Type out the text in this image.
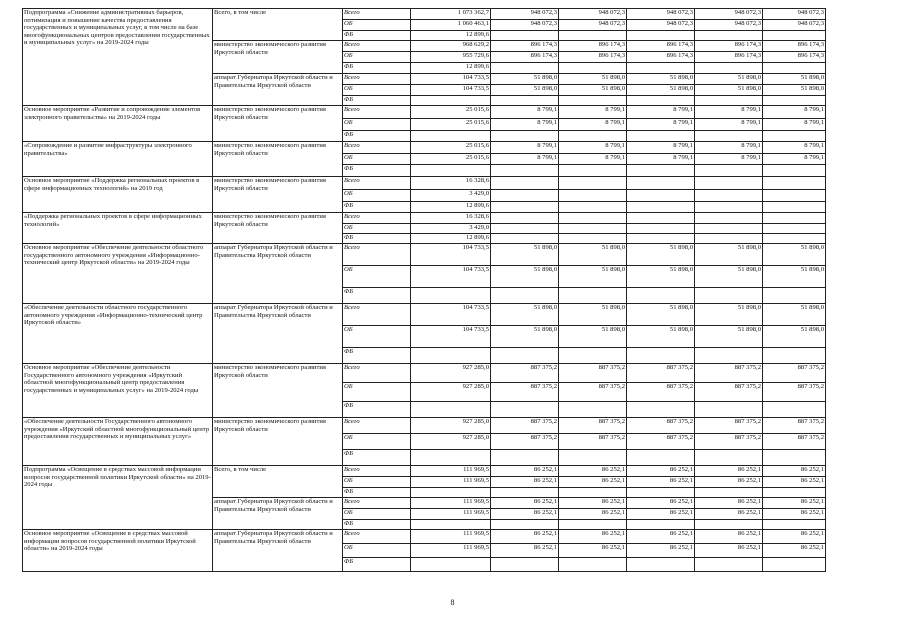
Подпрограмма «Снижение административных барьеров, оптимизация и повышение качества предоставления государственных и муниципальных услуг, в том числе на базе многофункциональных центров предоставления государственных и муниципальных услуг» на 2019-2024 годы	Всего, в том числе	Всего	1 073 362,7	948 072,3	948 072,3	948 072,3	948 072,3	948 072,3
		ОБ	1 060 463,1	948 072,3	948 072,3	948 072,3	948 072,3	948 072,3
		ФБ	12 899,6					
	министерство экономического развития Иркутской области	Всего	968 629,2	896 174,3	896 174,3	896 174,3	896 174,3	896 174,3
		ОБ	955 729,6	896 174,3	896 174,3	896 174,3	896 174,3	896 174,3
		ФБ	12 899,6					
	аппарат Губернатора Иркутской области и Правительства Иркутской области	Всего	104 733,5	51 898,0	51 898,0	51 898,0	51 898,0	51 898,0
		ОБ	104 733,5	51 898,0	51 898,0	51 898,0	51 898,0	51 898,0
		ФБ						
Основное мероприятие «Развитие и сопровождение элементов электронного правительства» на 2019-2024 годы	министерство экономического развития Иркутской области	Всего	25 015,6	8 799,1	8 799,1	8 799,1	8 799,1	8 799,1
		ОБ	25 015,6	8 799,1	8 799,1	8 799,1	8 799,1	8 799,1
		ФБ						
«Сопровождение и развитие инфраструктуры электронного правительства»	министерство экономического развития Иркутской области	Всего	25 015,6	8 799,1	8 799,1	8 799,1	8 799,1	8 799,1
		ОБ	25 015,6	8 799,1	8 799,1	8 799,1	8 799,1	8 799,1
		ФБ						
Основное мероприятие «Поддержка региональных проектов в сфере информационных технологий» на 2019 год	министерство экономического развития Иркутской области	Всего	16 328,6					
		ОБ	3 429,0					
		ФБ	12 899,6					
«Поддержка региональных проектов в сфере информационных технологий»	министерство экономического развития Иркутской области	Всего	16 328,6					
		ОБ	3 429,0					
		ФБ	12 899,6					
Основное мероприятие «Обеспечение деятельности областного государственного автономного учреждения «Информационно-технический центр Иркутской области» на 2019-2024 годы	аппарат Губернатора Иркутской области и Правительства Иркутской области	Всего	104 733,5	51 898,0	51 898,0	51 898,0	51 898,0	51 898,0
		ОБ	104 733,5	51 898,0	51 898,0	51 898,0	51 898,0	51 898,0
		ФБ						
«Обеспечение деятельности областного государственного автономного учреждения «Информационно-технический центр Иркутской области»	аппарат Губернатора Иркутской области и Правительства Иркутской области	Всего	104 733,5	51 898,0	51 898,0	51 898,0	51 898,0	51 898,0
		ОБ	104 733,5	51 898,0	51 898,0	51 898,0	51 898,0	51 898,0
		ФБ						
Основное мероприятие «Обеспечение деятельности Государственного автономного учреждения «Иркутский областной многофункциональный центр предоставления государственных и муниципальных услуг» на 2019-2024 годы	министерство экономического развития Иркутской области	Всего	927 285,0	887 375,2	887 375,2	887 375,2	887 375,2	887 375,2
		ОБ	927 285,0	887 375,2	887 375,2	887 375,2	887 375,2	887 375,2
		ФБ						
«Обеспечение деятельности Государственного автономного учреждения «Иркутский областной многофункциональный центр предоставления государственных и муниципальных услуг»	министерство экономического развития Иркутской области	Всего	927 285,0	887 375,2	887 375,2	887 375,2	887 375,2	887 375,2
		ОБ	927 285,0	887 375,2	887 375,2	887 375,2	887 375,2	887 375,2
		ФБ						
Подпрограмма «Освещение в средствах массовой информации вопросов государственной политики Иркутской области» на 2019-2024 годы	Всего, в том числе	Всего	111 969,5	86 252,1	86 252,1	86 252,1	86 252,1	86 252,1
		ОБ	111 969,5	86 252,1	86 252,1	86 252,1	86 252,1	86 252,1
		ФБ						
	аппарат Губернатора Иркутской области и Правительства Иркутской области	Всего	111 969,5	86 252,1	86 252,1	86 252,1	86 252,1	86 252,1
		ОБ	111 969,5	86 252,1	86 252,1	86 252,1	86 252,1	86 252,1
		ФБ						
Основное мероприятие «Освещение в средствах массовой информации вопросов государственной политики Иркутской области» на 2019-2024 годы	аппарат Губернатора Иркутской области и Правительства Иркутской области	Всего	111 969,5	86 252,1	86 252,1	86 252,1	86 252,1	86 252,1
		ОБ	111 969,5	86 252,1	86 252,1	86 252,1	86 252,1	86 252,1
		ФБ						
8
